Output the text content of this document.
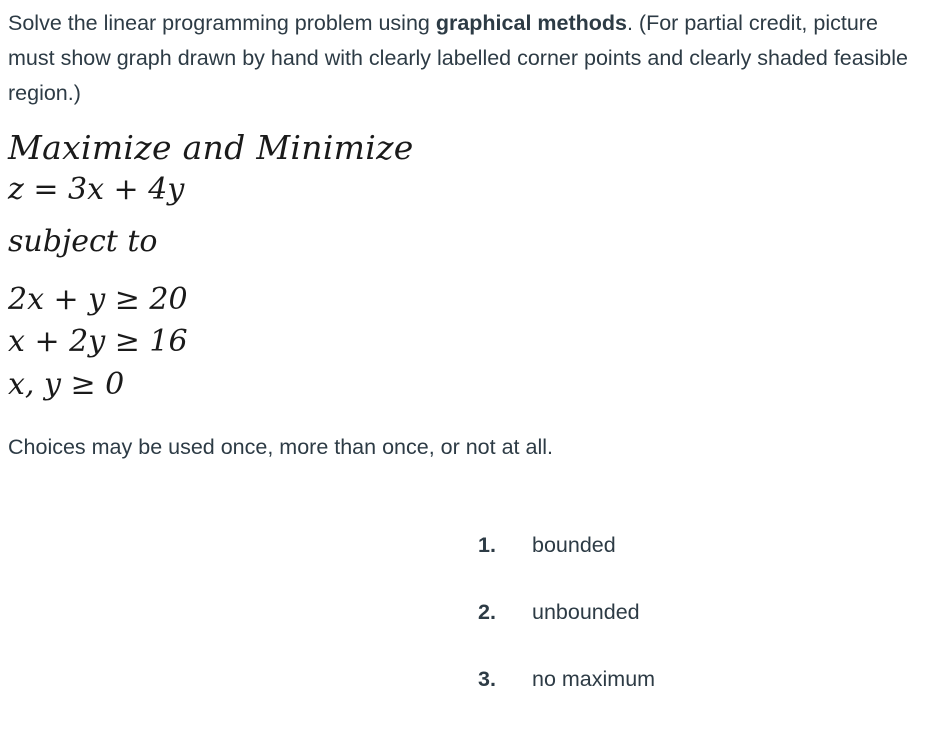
Solve the linear programming problem using graphical methods. (For partial credit, picture must show graph drawn by hand with clearly labelled corner points and clearly shaded feasible region.)
Maximize and Minimize
z = 3x + 4y
subject to
2x + y ≥ 20
x + 2y ≥ 16
x, y ≥ 0
Choices may be used once, more than once, or not at all.
1.	bounded
2.	unbounded
3.	no maximum
